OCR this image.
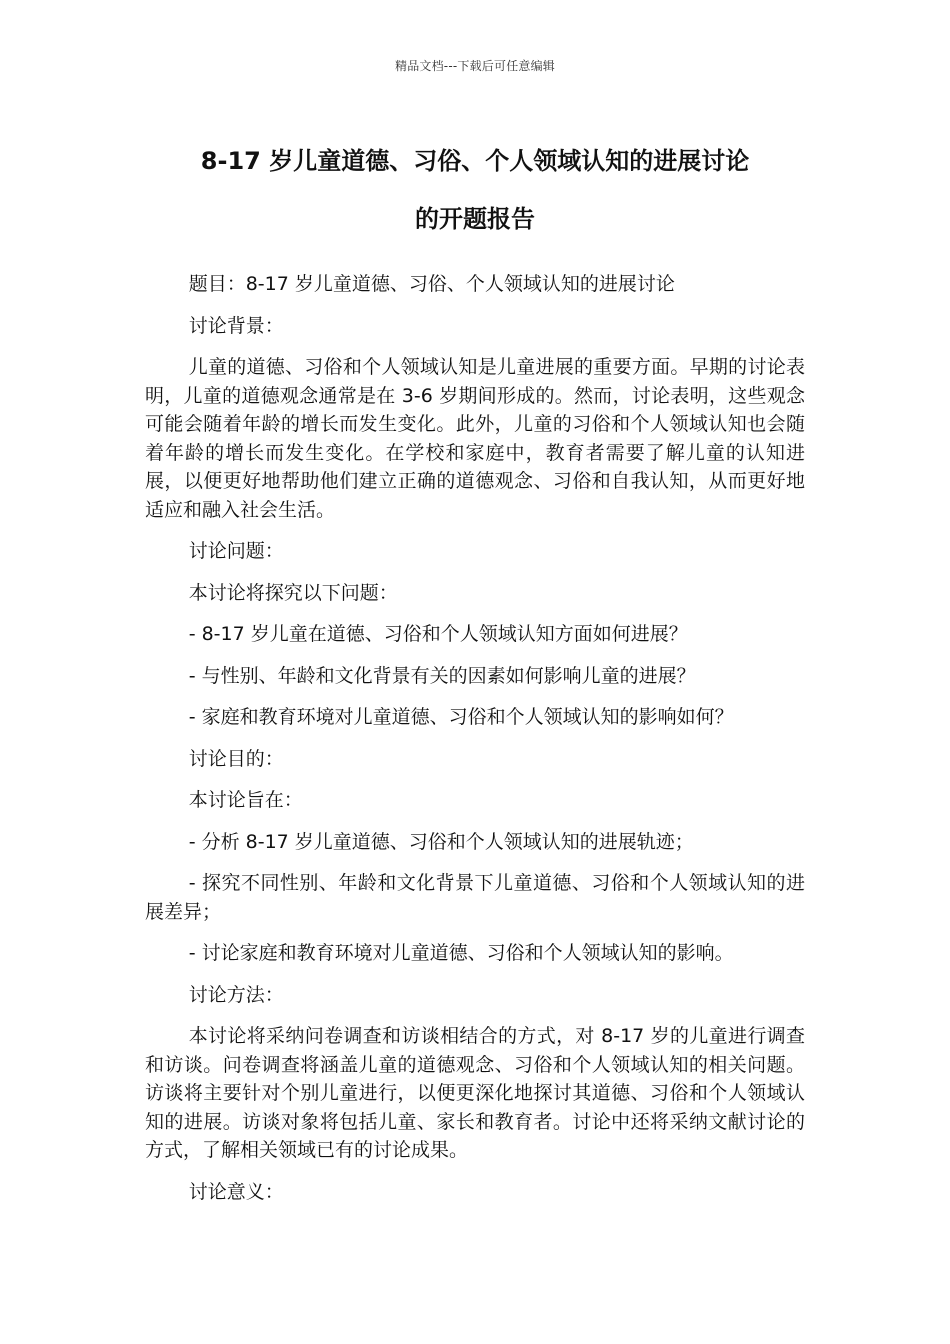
精品文档---下载后可任意编辑
8-17 岁儿童道德、习俗、个人领域认知的进展讨论
的开题报告

题目：8-17 岁儿童道德、习俗、个人领域认知的进展讨论

讨论背景：

儿童的道德、习俗和个人领域认知是儿童进展的重要方面。早期的讨论表明，儿童的道德观念通常是在 3-6 岁期间形成的。然而，讨论表明，这些观念可能会随着年龄的增长而发生变化。此外，儿童的习俗和个人领域认知也会随着年龄的增长而发生变化。在学校和家庭中，教育者需要了解儿童的认知进展，以便更好地帮助他们建立正确的道德观念、习俗和自我认知，从而更好地适应和融入社会生活。

讨论问题：

本讨论将探究以下问题：

- 8-17 岁儿童在道德、习俗和个人领域认知方面如何进展？

- 与性别、年龄和文化背景有关的因素如何影响儿童的进展？

- 家庭和教育环境对儿童道德、习俗和个人领域认知的影响如何？

讨论目的：

本讨论旨在：

- 分析 8-17 岁儿童道德、习俗和个人领域认知的进展轨迹；

- 探究不同性别、年龄和文化背景下儿童道德、习俗和个人领域认知的进展差异；

- 讨论家庭和教育环境对儿童道德、习俗和个人领域认知的影响。

讨论方法：

本讨论将采纳问卷调查和访谈相结合的方式，对 8-17 岁的儿童进行调查和访谈。问卷调查将涵盖儿童的道德观念、习俗和个人领域认知的相关问题。访谈将主要针对个别儿童进行，以便更深化地探讨其道德、习俗和个人领域认知的进展。访谈对象将包括儿童、家长和教育者。讨论中还将采纳文献讨论的方式，了解相关领域已有的讨论成果。

讨论意义：
